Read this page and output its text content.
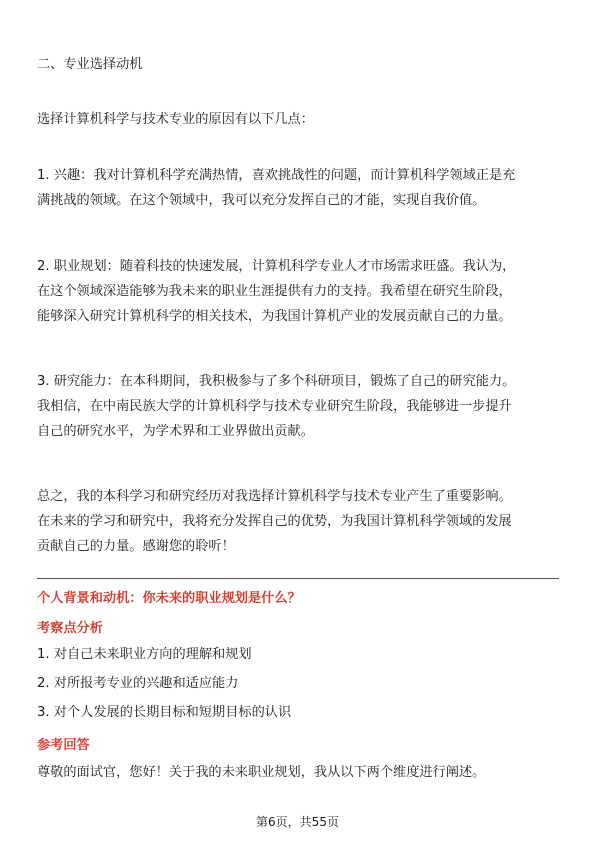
二、专业选择动机

选择计算机科学与技术专业的原因有以下几点：

1. 兴趣：我对计算机科学充满热情，喜欢挑战性的问题，而计算机科学领域正是充
满挑战的领域。在这个领域中，我可以充分发挥自己的才能，实现自我价值。

2. 职业规划：随着科技的快速发展，计算机科学专业人才市场需求旺盛。我认为，
在这个领域深造能够为我未来的职业生涯提供有力的支持。我希望在研究生阶段，
能够深入研究计算机科学的相关技术，为我国计算机产业的发展贡献自己的力量。

3. 研究能力：在本科期间，我积极参与了多个科研项目，锻炼了自己的研究能力。
我相信，在中南民族大学的计算机科学与技术专业研究生阶段，我能够进一步提升
自己的研究水平，为学术界和工业界做出贡献。

总之，我的本科学习和研究经历对我选择计算机科学与技术专业产生了重要影响。
在未来的学习和研究中，我将充分发挥自己的优势，为我国计算机科学领域的发展
贡献自己的力量。感谢您的聆听！

个人背景和动机：你未来的职业规划是什么？
考察点分析
1. 对自己未来职业方向的理解和规划
2. 对所报考专业的兴趣和适应能力
3. 对个人发展的长期目标和短期目标的认识
参考回答
尊敬的面试官，您好！关于我的未来职业规划，我从以下两个维度进行阐述。
第6页，共55页
